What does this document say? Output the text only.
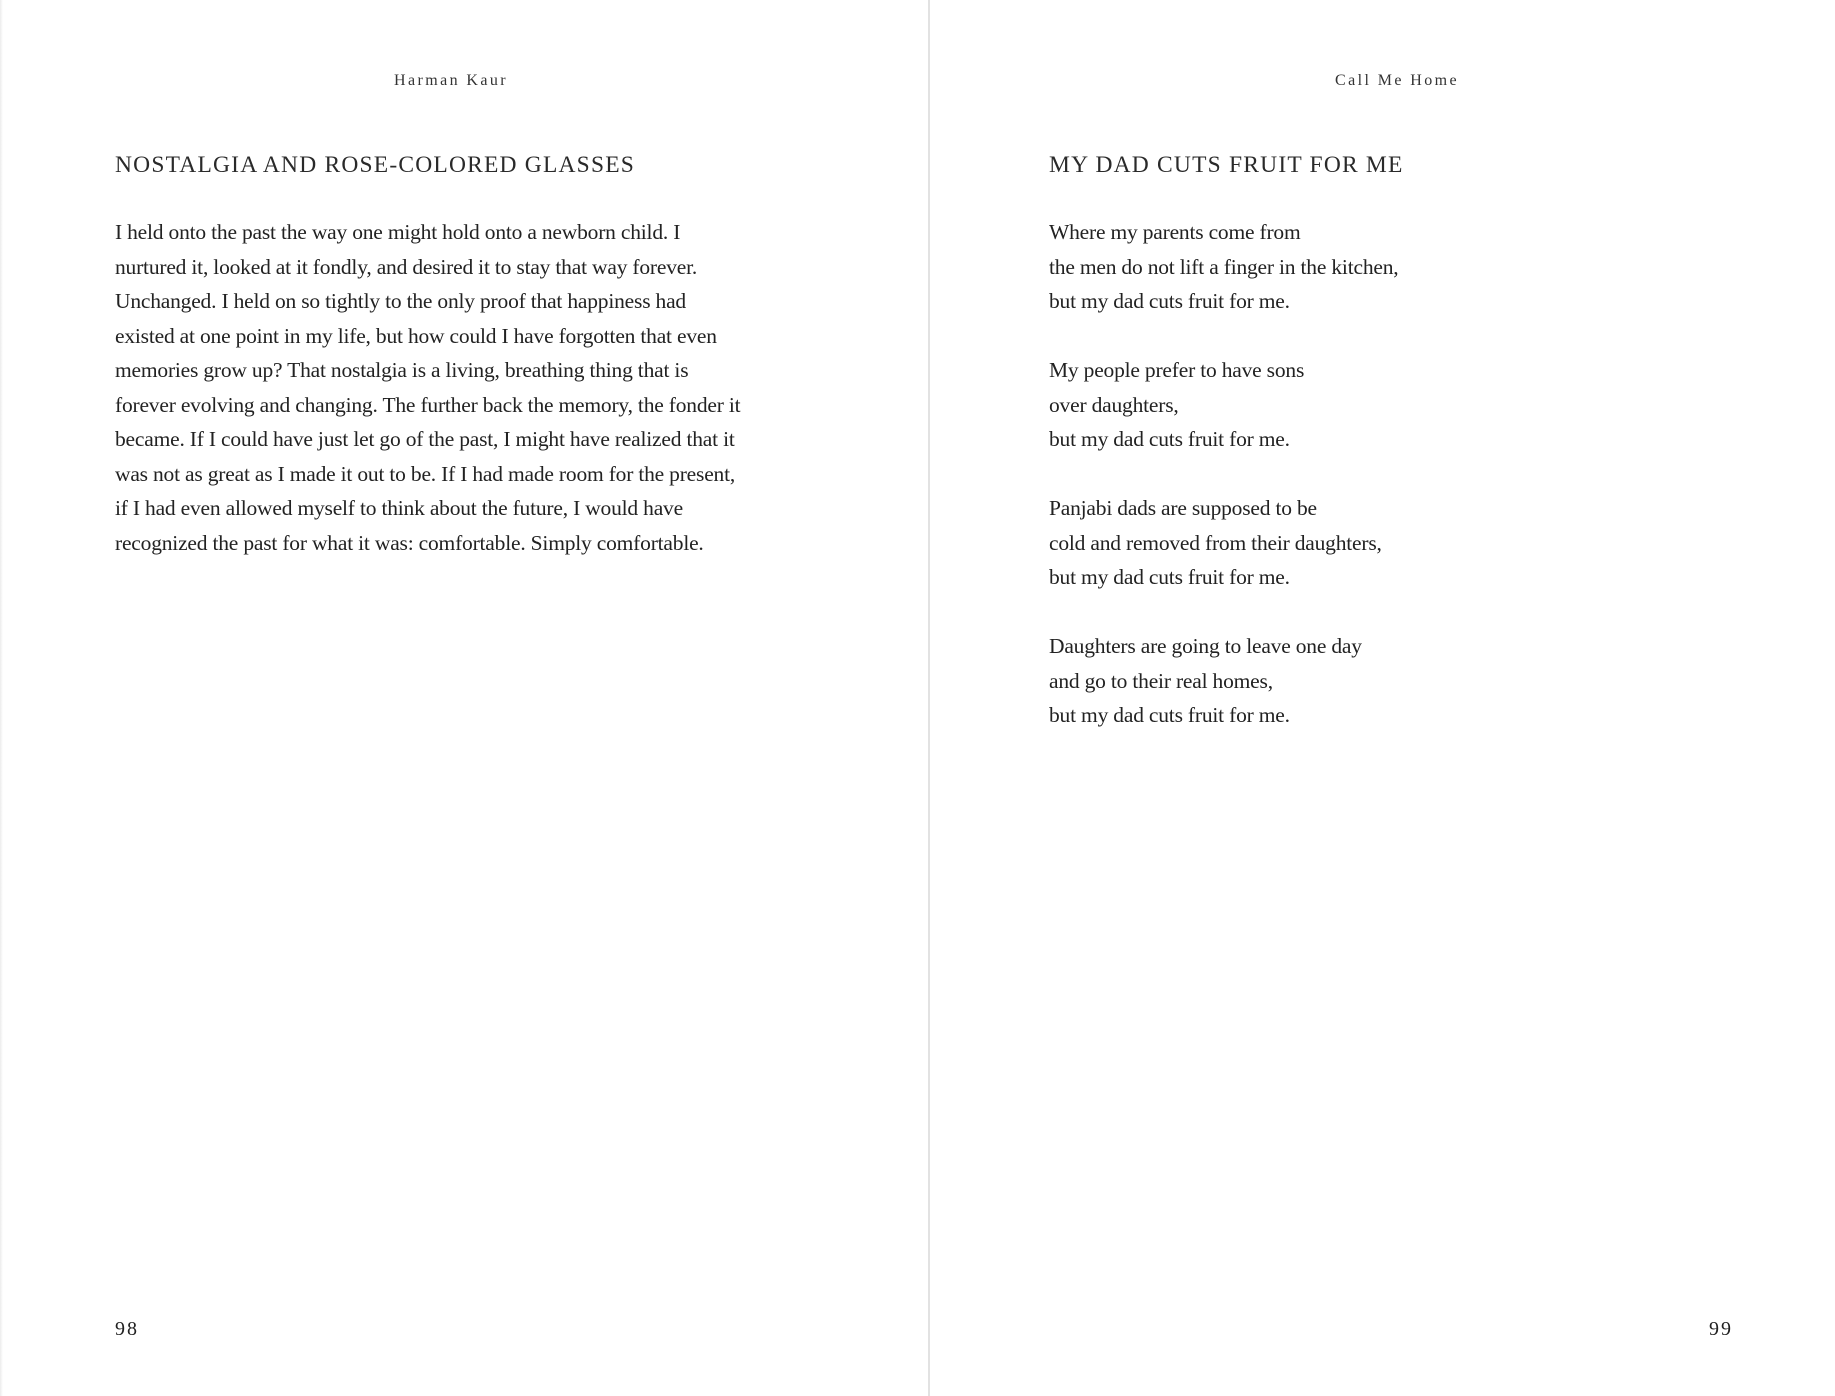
Harman Kaur
NOSTALGIA AND ROSE-COLORED GLASSES
I held onto the past the way one might hold onto a newborn child. I
nurtured it, looked at it fondly, and desired it to stay that way forever.
Unchanged. I held on so tightly to the only proof that happiness had
existed at one point in my life, but how could I have forgotten that even
memories grow up? That nostalgia is a living, breathing thing that is
forever evolving and changing. The further back the memory, the fonder it
became. If I could have just let go of the past, I might have realized that it
was not as great as I made it out to be. If I had made room for the present,
if I had even allowed myself to think about the future, I would have
recognized the past for what it was: comfortable. Simply comfortable.
98
Call Me Home
MY DAD CUTS FRUIT FOR ME
Where my parents come from
the men do not lift a finger in the kitchen,
but my dad cuts fruit for me.
My people prefer to have sons
over daughters,
but my dad cuts fruit for me.
Panjabi dads are supposed to be
cold and removed from their daughters,
but my dad cuts fruit for me.
Daughters are going to leave one day
and go to their real homes,
but my dad cuts fruit for me.
99
